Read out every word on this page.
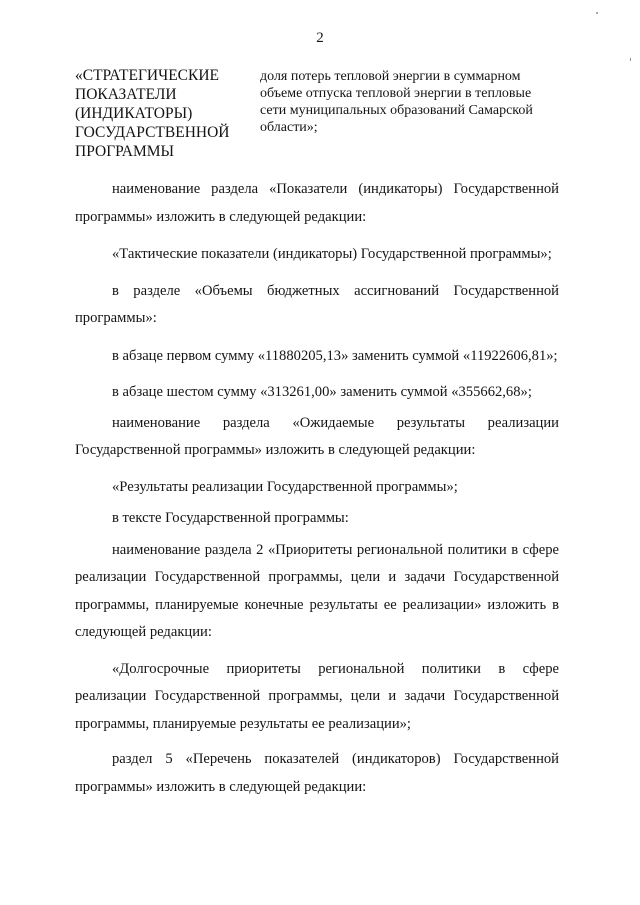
2
«СТРАТЕГИЧЕСКИЕ
ПОКАЗАТЕЛИ
(ИНДИКАТОРЫ)
ГОСУДАРСТВЕННОЙ
ПРОГРАММЫ
доля потерь тепловой энергии в суммарном
объеме отпуска тепловой энергии в тепловые
сети муниципальных образований Самарской
области»;

наименование раздела «Показатели (индикаторы) Государственной программы» изложить в следующей редакции:

«Тактические показатели (индикаторы) Государственной программы»;

в разделе «Объемы бюджетных ассигнований Государственной программы»:

в абзаце первом сумму «11880205,13» заменить суммой «11922606,81»;

в абзаце шестом сумму «313261,00» заменить суммой «355662,68»;

наименование раздела «Ожидаемые результаты реализации Государственной программы» изложить в следующей редакции:

«Результаты реализации Государственной программы»;

в тексте Государственной программы:

наименование раздела 2 «Приоритеты региональной политики в сфере реализации Государственной программы, цели и задачи Государственной программы, планируемые конечные результаты ее реализации» изложить в следующей редакции:

«Долгосрочные приоритеты региональной политики в сфере реализации Государственной программы, цели и задачи Государственной программы, планируемые результаты ее реализации»;

раздел 5 «Перечень показателей (индикаторов) Государственной программы» изложить в следующей редакции:
